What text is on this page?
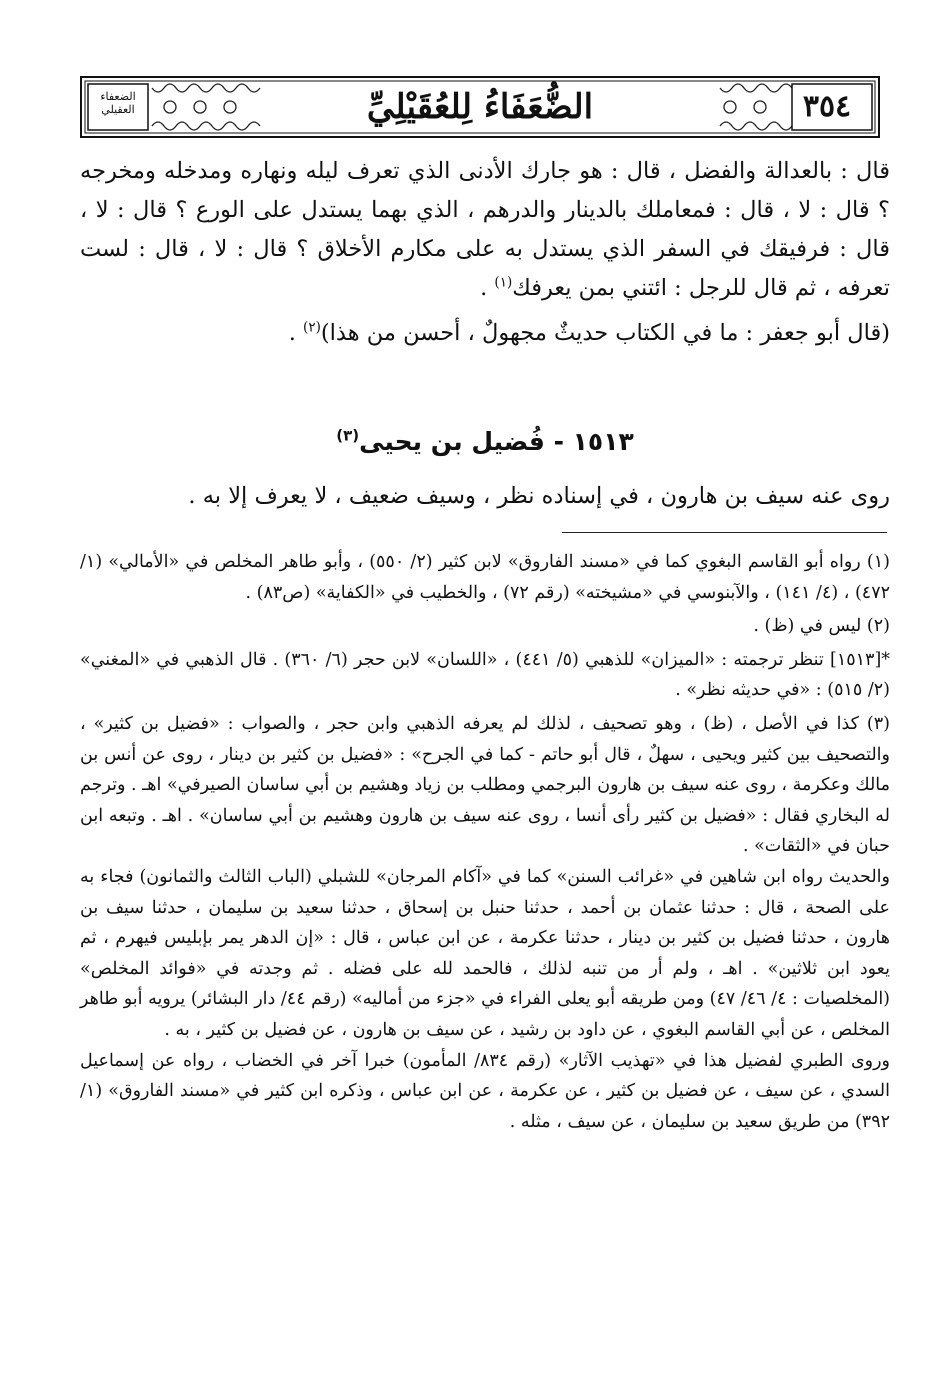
الضعفاء العقيلي	٣٥٤
الضُّعَفَاءُ لِلعُقَيْلِيِّ

قال : بالعدالة والفضل ، قال : هو جارك الأدنى الذي تعرف ليله ونهاره ومدخله ومخرجه ؟ قال : لا ، قال : فمعاملك بالدينار والدرهم ، الذي بهما يستدل على الورع ؟ قال : لا ، قال : فرفيقك في السفر الذي يستدل به على مكارم الأخلاق ؟ قال : لا ، قال : لست تعرفه ، ثم قال للرجل : ائتني بمن يعرفك$^{(١)}$ .

(قال أبو جعفر : ما في الكتاب حديثٌ مجهولٌ ، أحسن من هذا)$^{(٢)}$ .

١٥١٣ - فُضيل بن يحيى$^{(٣)}$

روى عنه سيف بن هارون ، في إسناده نظر ، وسيف ضعيف ، لا يعرف إلا به .

(١) رواه أبو القاسم البغوي كما في «مسند الفاروق» لابن كثير (٢/ ٥٥٠) ، وأبو طاهر المخلص في «الأمالي» (١/ ٤٧٢) ، (٤/ ١٤١) ، والآبنوسي في «مشيخته» (رقم ٧٢) ، والخطيب في «الكفاية» (ص٨٣) .

(٢) ليس في (ظ) .

*[١٥١٣] تنظر ترجمته : «الميزان» للذهبي (٥/ ٤٤١) ، «اللسان» لابن حجر (٦/ ٣٦٠) . قال الذهبي في «المغني» (٢/ ٥١٥) : «في حديثه نظر» .

(٣) كذا في الأصل ، (ظ) ، وهو تصحيف ، لذلك لم يعرفه الذهبي وابن حجر ، والصواب : «فضيل بن كثير» ، والتصحيف بين كثير ويحيى ، سهلٌ ، قال أبو حاتم - كما في الجرح» : «فضيل بن كثير بن دينار ، روى عن أنس بن مالك وعكرمة ، روى عنه سيف بن هارون البرجمي ومطلب بن زياد وهشيم بن أبي ساسان الصيرفي» اهـ . وترجم له البخاري فقال : «فضيل بن كثير رأى أنسا ، روى عنه سيف بن هارون وهشيم بن أبي ساسان» . اهـ . وتبعه ابن حبان في «الثقات» .

والحديث رواه ابن شاهين في «غرائب السنن» كما في «آكام المرجان» للشبلي (الباب الثالث والثمانون) فجاء به على الصحة ، قال : حدثنا عثمان بن أحمد ، حدثنا حنبل بن إسحاق ، حدثنا سعيد بن سليمان ، حدثنا سيف بن هارون ، حدثنا فضيل بن كثير بن دينار ، حدثنا عكرمة ، عن ابن عباس ، قال : «إن الدهر يمر بإبليس فيهرم ، ثم يعود ابن ثلاثين» . اهـ ، ولم أر من تنبه لذلك ، فالحمد لله على فضله . ثم وجدته في «فوائد المخلص» (المخلصيات : ٤/ ٤٦/ ٤٧) ومن طريقه أبو يعلى الفراء في «جزء من أماليه» (رقم ٤٤/ دار البشائر) يرويه أبو طاهر المخلص ، عن أبي القاسم البغوي ، عن داود بن رشيد ، عن سيف بن هارون ، عن فضيل بن كثير ، به .

وروى الطبري لفضيل هذا في «تهذيب الآثار» (رقم ٨٣٤/ المأمون) خبرا آخر في الخضاب ، رواه عن إسماعيل السدي ، عن سيف ، عن فضيل بن كثير ، عن عكرمة ، عن ابن عباس ، وذكره ابن كثير في «مسند الفاروق» (١/ ٣٩٢) من طريق سعيد بن سليمان ، عن سيف ، مثله .
